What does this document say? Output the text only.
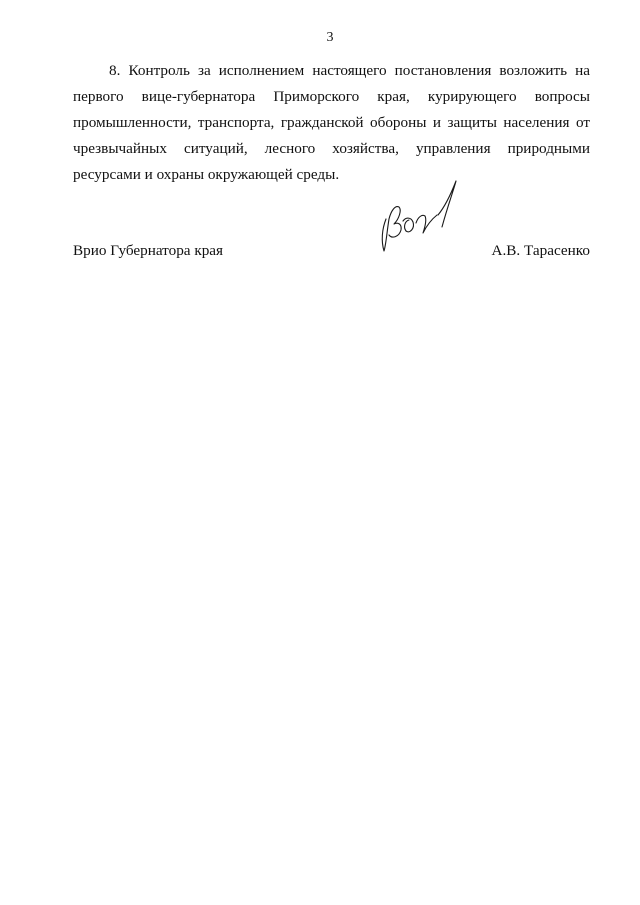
3

8. Контроль за исполнением настоящего постановления возложить на первого вице-губернатора Приморского края, курирующего вопросы промышленности, транспорта, гражданской обороны и защиты населения от чрезвычайных ситуаций, лесного хозяйства, управления природными ресурсами и охраны окружающей среды.

Врио Губернатора края	А.В. Тарасенко
